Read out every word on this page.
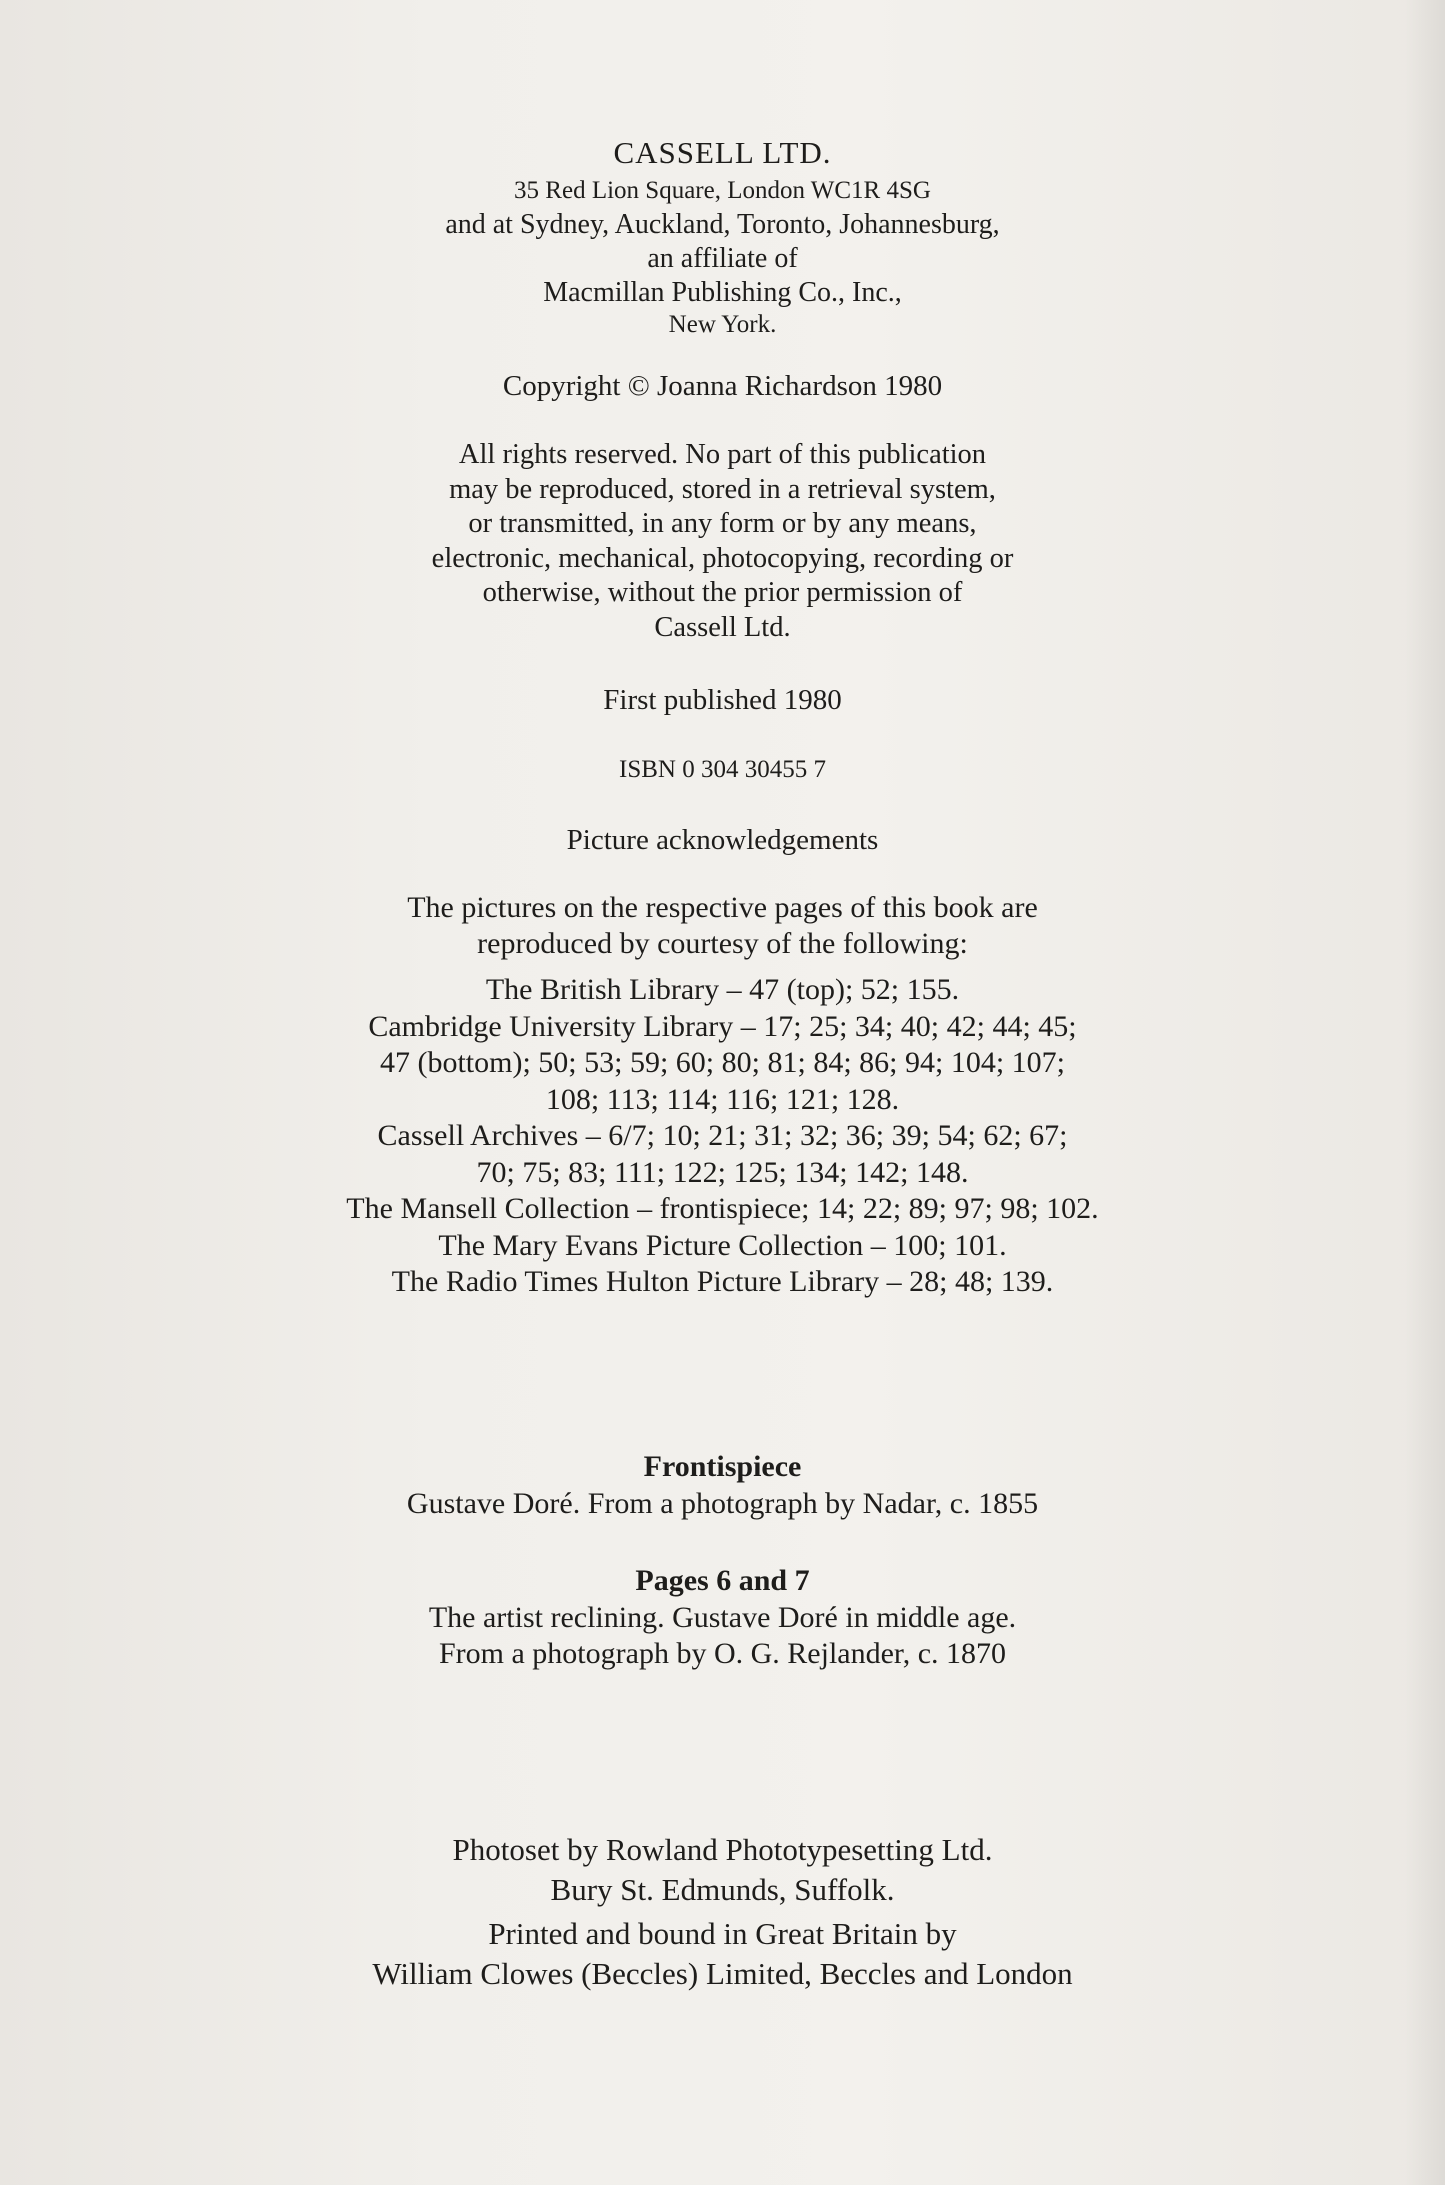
CASSELL LTD.
35 Red Lion Square, London WC1R 4SG
and at Sydney, Auckland, Toronto, Johannesburg,
an affiliate of
Macmillan Publishing Co., Inc.,
New York.
Copyright © Joanna Richardson 1980
All rights reserved. No part of this publication
may be reproduced, stored in a retrieval system,
or transmitted, in any form or by any means,
electronic, mechanical, photocopying, recording or
otherwise, without the prior permission of
Cassell Ltd.
First published 1980
ISBN 0 304 30455 7
Picture acknowledgements
The pictures on the respective pages of this book are
reproduced by courtesy of the following:
The British Library – 47 (top); 52; 155.
Cambridge University Library – 17; 25; 34; 40; 42; 44; 45;
47 (bottom); 50; 53; 59; 60; 80; 81; 84; 86; 94; 104; 107;
108; 113; 114; 116; 121; 128.
Cassell Archives – 6/7; 10; 21; 31; 32; 36; 39; 54; 62; 67;
70; 75; 83; 111; 122; 125; 134; 142; 148.
The Mansell Collection – frontispiece; 14; 22; 89; 97; 98; 102.
The Mary Evans Picture Collection – 100; 101.
The Radio Times Hulton Picture Library – 28; 48; 139.
Frontispiece
Gustave Doré. From a photograph by Nadar, c. 1855
Pages 6 and 7
The artist reclining. Gustave Doré in middle age.
From a photograph by O. G. Rejlander, c. 1870
Photoset by Rowland Phototypesetting Ltd.
Bury St. Edmunds, Suffolk.
Printed and bound in Great Britain by
William Clowes (Beccles) Limited, Beccles and London
